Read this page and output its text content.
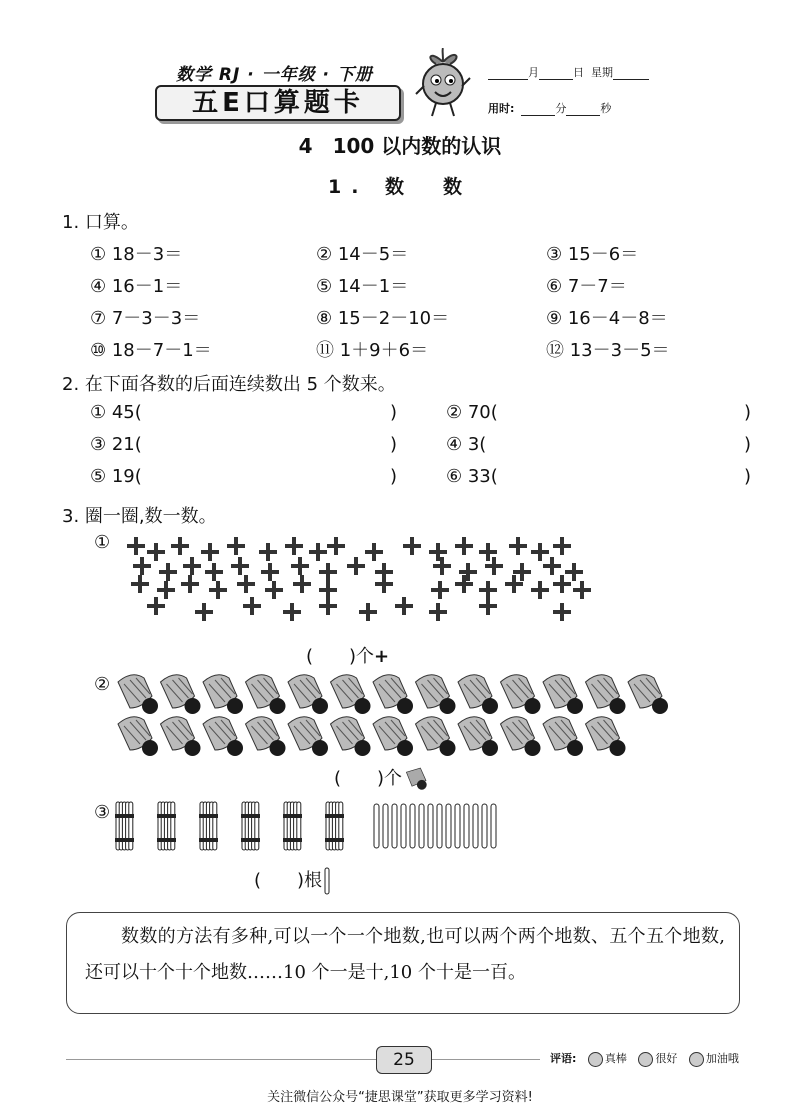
数学 RJ · 一年级 · 下册
五E口算题卡
月	日 星期
用时:	分	秒
4　100 以内数的认识
1. 数　数
1. 口算。
① 18－3＝	② 14－5＝	③ 15－6＝
④ 16－1＝	⑤ 14－1＝	⑥ 7－7＝
⑦ 7－3－3＝	⑧ 15－2－10＝	⑨ 16－4－8＝
⑩ 18－7－1＝	⑪ 1＋9＋6＝	⑫ 13－3－5＝
2. 在下面各数的后面连续数出 5 个数来。
① 45(	)	② 70(	)
③ 21(	)	④ 3(	)
⑤ 19(	)	⑥ 33(	)
3. 圈一圈,数一数。
①
(　　)个+
②
(　　)个
③
(　　)根
数数的方法有多种,可以一个一个地数,也可以两个两个地数、五个五个地数,还可以十个十个地数……10 个一是十,10 个十是一百。
25	评语:	真棒	很好	加油哦
关注微信公众号“捷思课堂”获取更多学习资料!
